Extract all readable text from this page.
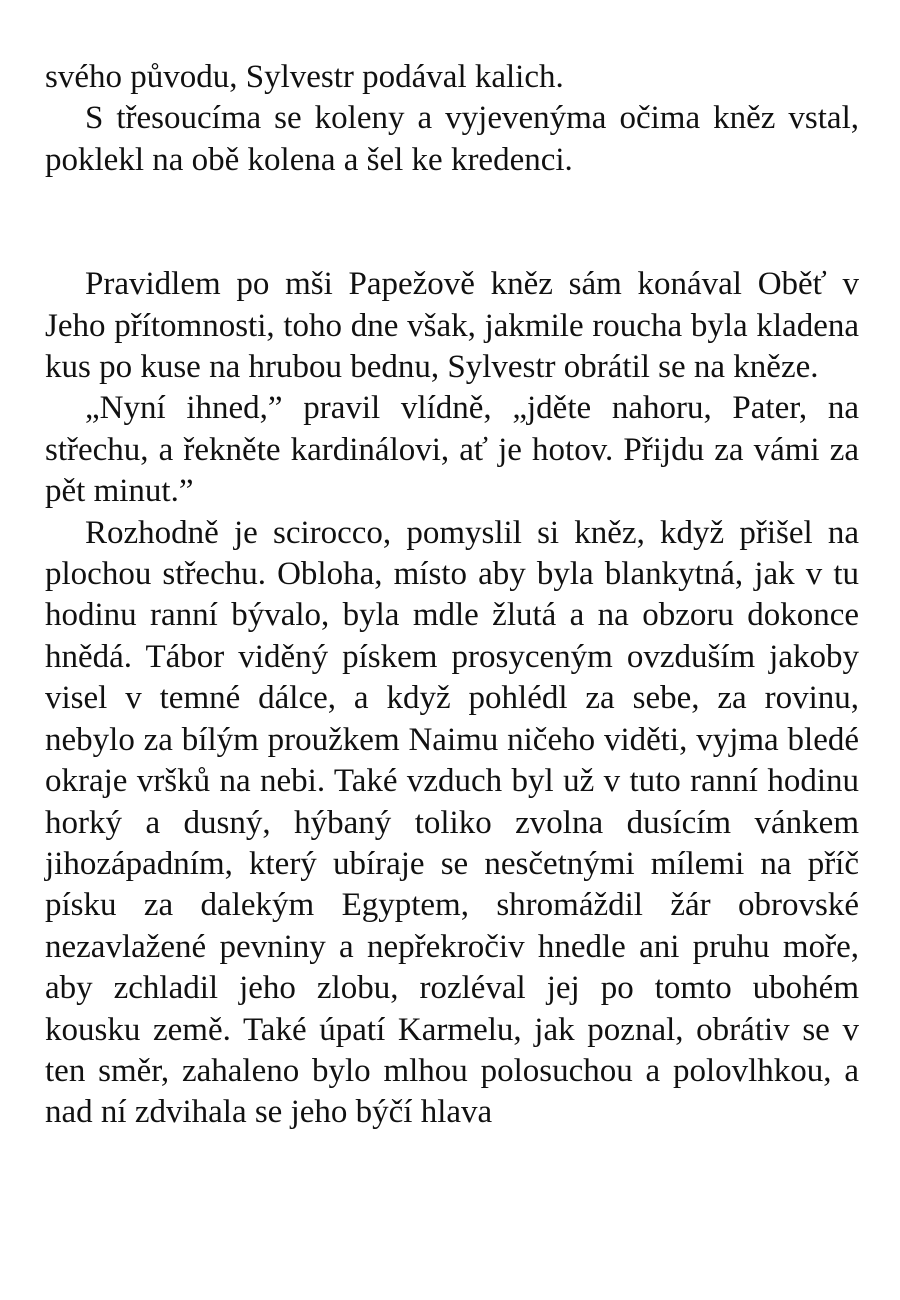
svého původu, Sylvestr podával kalich.

S třesoucíma se koleny a vyjevenýma očima kněz vstal, poklekl na obě kolena a šel ke kredenci.

Pravidlem po mši Papežově kněz sám konával Oběť v Jeho přítomnosti, toho dne však, jakmile roucha byla kladena kus po kuse na hrubou bednu, Sylvestr obrátil se na kněze.

„Nyní ihned,” pravil vlídně, „jděte nahoru, Pater, na střechu, a řekněte kardinálovi, ať je hotov. Přijdu za vámi za pět minut.”

Rozhodně je scirocco, pomyslil si kněz, když přišel na plochou střechu. Obloha, místo aby byla blankytná, jak v tu hodinu ranní bývalo, byla mdle žlutá a na obzoru dokonce hnědá. Tábor viděný pískem prosyceným ovzduším jakoby visel v temné dálce, a když pohlédl za sebe, za rovinu, nebylo za bílým proužkem Naimu ničeho viděti, vyjma bledé okraje vršků na nebi. Také vzduch byl už v tuto ranní hodinu horký a dusný, hýbaný toliko zvolna dusícím vánkem jihozápadním, který ubíraje se nesčetnými mílemi na příč písku za dalekým Egyptem, shromáždil žár obrovské nezavlažené pevniny a nepřekročiv hnedle ani pruhu moře, aby zchladil jeho zlobu, rozléval jej po tomto ubohém kousku země. Také úpatí Karmelu, jak poznal, obrátiv se v ten směr, zahaleno bylo mlhou polosuchou a polovlhkou, a nad ní zdvihala se jeho býčí hlava
